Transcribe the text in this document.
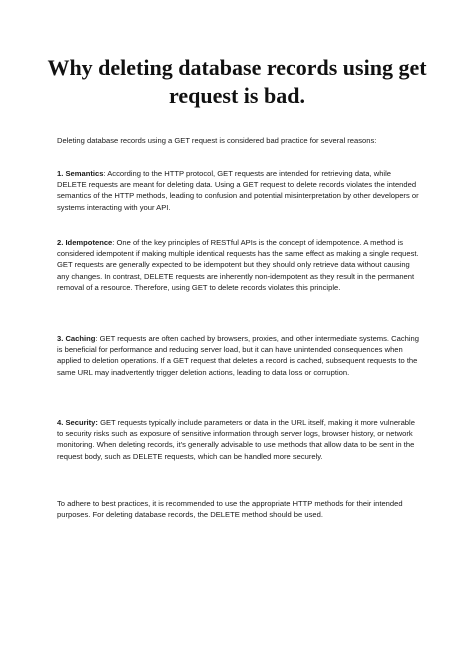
Why deleting database records using get request is bad.

Deleting database records using a GET request is considered bad practice for several reasons:

1. Semantics: According to the HTTP protocol, GET requests are intended for retrieving data, while DELETE requests are meant for deleting data. Using a GET request to delete records violates the intended semantics of the HTTP methods, leading to confusion and potential misinterpretation by other developers or systems interacting with your API.

2. Idempotence: One of the key principles of RESTful APIs is the concept of idempotence. A method is considered idempotent if making multiple identical requests has the same effect as making a single request. GET requests are generally expected to be idempotent but they should only retrieve data without causing any changes. In contrast, DELETE requests are inherently non-idempotent as they result in the permanent removal of a resource. Therefore, using GET to delete records violates this principle.

3. Caching: GET requests are often cached by browsers, proxies, and other intermediate systems. Caching is beneficial for performance and reducing server load, but it can have unintended consequences when applied to deletion operations. If a GET request that deletes a record is cached, subsequent requests to the same URL may inadvertently trigger deletion actions, leading to data loss or corruption.

4. Security: GET requests typically include parameters or data in the URL itself, making it more vulnerable to security risks such as exposure of sensitive information through server logs, browser history, or network monitoring. When deleting records, it's generally advisable to use methods that allow data to be sent in the request body, such as DELETE requests, which can be handled more securely.

To adhere to best practices, it is recommended to use the appropriate HTTP methods for their intended purposes. For deleting database records, the DELETE method should be used.
